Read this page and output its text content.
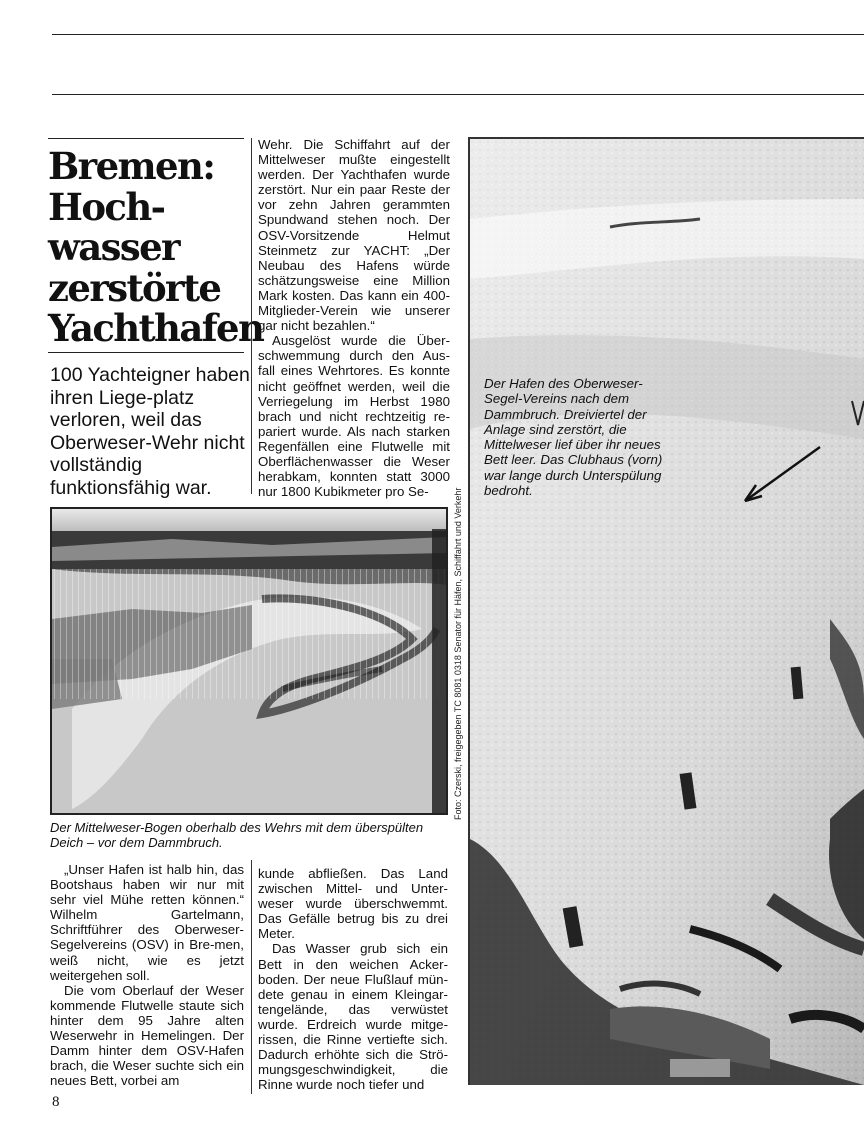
Bremen:
Hoch-
wasser
zerstörte
Yachthafen

100 Yachteigner haben ihren Liege-platz verloren, weil das Oberweser-Wehr nicht vollständig funktionsfähig war.

Wehr. Die Schiffahrt auf der Mittelweser mußte eingestellt werden. Der Yachthafen wurde zerstört. Nur ein paar Reste der vor zehn Jahren gerammten Spundwand stehen noch. Der OSV-Vorsitzende Helmut Steinmetz zur YACHT: „Der Neubau des Hafens würde schätzungsweise eine Million Mark kosten. Das kann ein 400-Mitglieder-Verein wie unserer gar nicht bezahlen.“

Ausgelöst wurde die Über-schwemmung durch den Aus-fall eines Wehrtores. Es konnte nicht geöffnet werden, weil die Verriegelung im Herbst 1980 brach und nicht rechtzeitig re-pariert wurde. Als nach starken Regenfällen eine Flutwelle mit Oberflächenwasser die Weser herabkam, konnten statt 3000 nur 1800 Kubikmeter pro Se-	Foto: Czerski, freigegeben TC 8081 0318 Senator für Häfen, Schiffahrt und Verkehr

Der Mittelweser-Bogen oberhalb des Wehrs mit dem überspülten Deich – vor dem Dammbruch.

Der Hafen des Oberweser-Segel-Vereins nach dem Dammbruch. Dreiviertel der Anlage sind zerstört, die Mittelweser lief über ihr neues Bett leer. Das Clubhaus (vorn) war lange durch Unterspülung bedroht.

„Unser Hafen ist halb hin, das Bootshaus haben wir nur mit sehr viel Mühe retten können.“ Wilhelm Gartelmann, Schriftführer des Oberweser-Segelvereins (OSV) in Bre-men, weiß nicht, wie es jetzt weitergehen soll.

Die vom Oberlauf der Weser kommende Flutwelle staute sich hinter dem 95 Jahre alten Weserwehr in Hemelingen. Der Damm hinter dem OSV-Hafen brach, die Weser suchte sich ein neues Bett, vorbei am

kunde abfließen. Das Land zwischen Mittel- und Unter-weser wurde überschwemmt. Das Gefälle betrug bis zu drei Meter.

Das Wasser grub sich ein Bett in den weichen Acker-boden. Der neue Flußlauf mün-dete genau in einem Kleingar-tengelände, das verwüstet wurde. Erdreich wurde mitge-rissen, die Rinne vertiefte sich. Dadurch erhöhte sich die Strö-mungsgeschwindigkeit, die Rinne wurde noch tiefer und

8
